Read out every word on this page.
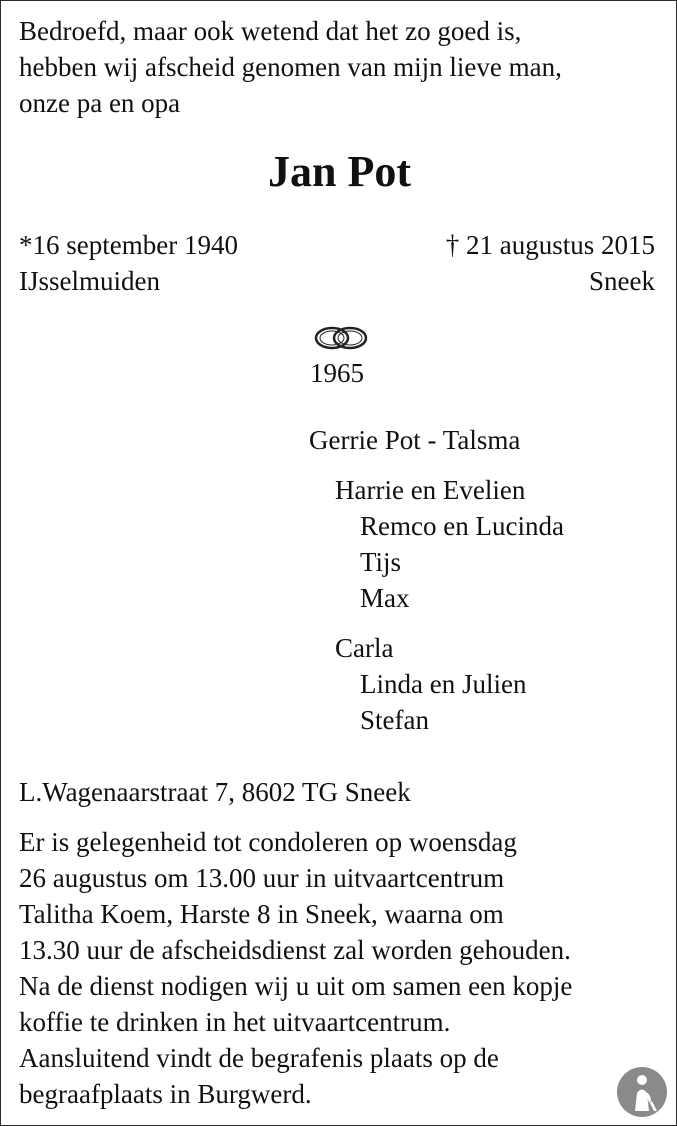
Bedroefd, maar ook wetend dat het zo goed is,
hebben wij afscheid genomen van mijn lieve man,
onze pa en opa
Jan Pot
*16 september 1940
IJsselmuiden
† 21 augustus 2015
Sneek
1965
Gerrie Pot - Talsma
Harrie en Evelien
Remco en Lucinda
Tijs
Max
Carla
Linda en Julien
Stefan
L.Wagenaarstraat 7, 8602 TG Sneek
Er is gelegenheid tot condoleren op woensdag
26 augustus om 13.00 uur in uitvaartcentrum
Talitha Koem, Harste 8 in Sneek, waarna om
13.30 uur de afscheidsdienst zal worden gehouden.
Na de dienst nodigen wij u uit om samen een kopje
koffie te drinken in het uitvaartcentrum.
Aansluitend vindt de begrafenis plaats op de
begraafplaats in Burgwerd.
